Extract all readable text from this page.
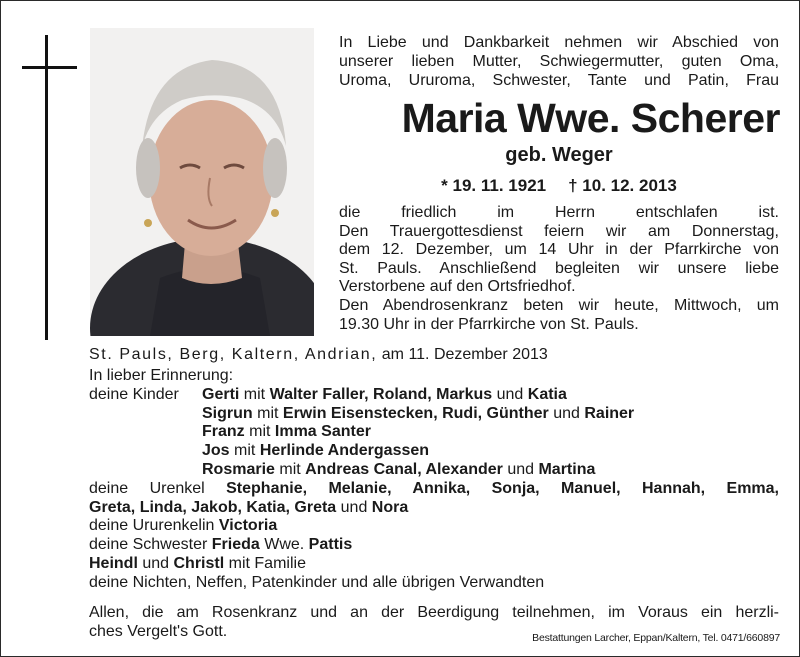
In Liebe und Dankbarkeit nehmen wir Abschied von
unserer lieben Mutter, Schwiegermutter, guten Oma,
Uroma, Ururoma, Schwester, Tante und Patin, Frau
Maria Wwe. Scherer
geb. Weger
* 19. 11. 1921 † 10. 12. 2013
die friedlich im Herrn entschlafen ist.
Den Trauergottesdienst feiern wir am Donnerstag,
dem 12. Dezember, um 14 Uhr in der Pfarrkirche von
St. Pauls. Anschließend begleiten wir unsere liebe
Verstorbene auf den Ortsfriedhof.
Den Abendrosenkranz beten wir heute, Mittwoch, um
19.30 Uhr in der Pfarrkirche von St. Pauls.
St. Pauls, Berg, Kaltern, Andrian, am 11. Dezember 2013
In lieber Erinnerung:
deine Kinder Gerti mit Walter Faller, Roland, Markus und Katia
Sigrun mit Erwin Eisenstecken, Rudi, Günther und Rainer
Franz mit Imma Santer
Jos mit Herlinde Andergassen
Rosmarie mit Andreas Canal, Alexander und Martina
deine Urenkel Stephanie, Melanie, Annika, Sonja, Manuel, Hannah, Emma,
Greta, Linda, Jakob, Katia, Greta und Nora
deine Ururenkelin Victoria
deine Schwester Frieda Wwe. Pattis
Heindl und Christl mit Familie
deine Nichten, Neffen, Patenkinder und alle übrigen Verwandten
Allen, die am Rosenkranz und an der Beerdigung teilnehmen, im Voraus ein herzli-
ches Vergelt's Gott.	Bestattungen Larcher, Eppan/Kaltern, Tel. 0471/660897
